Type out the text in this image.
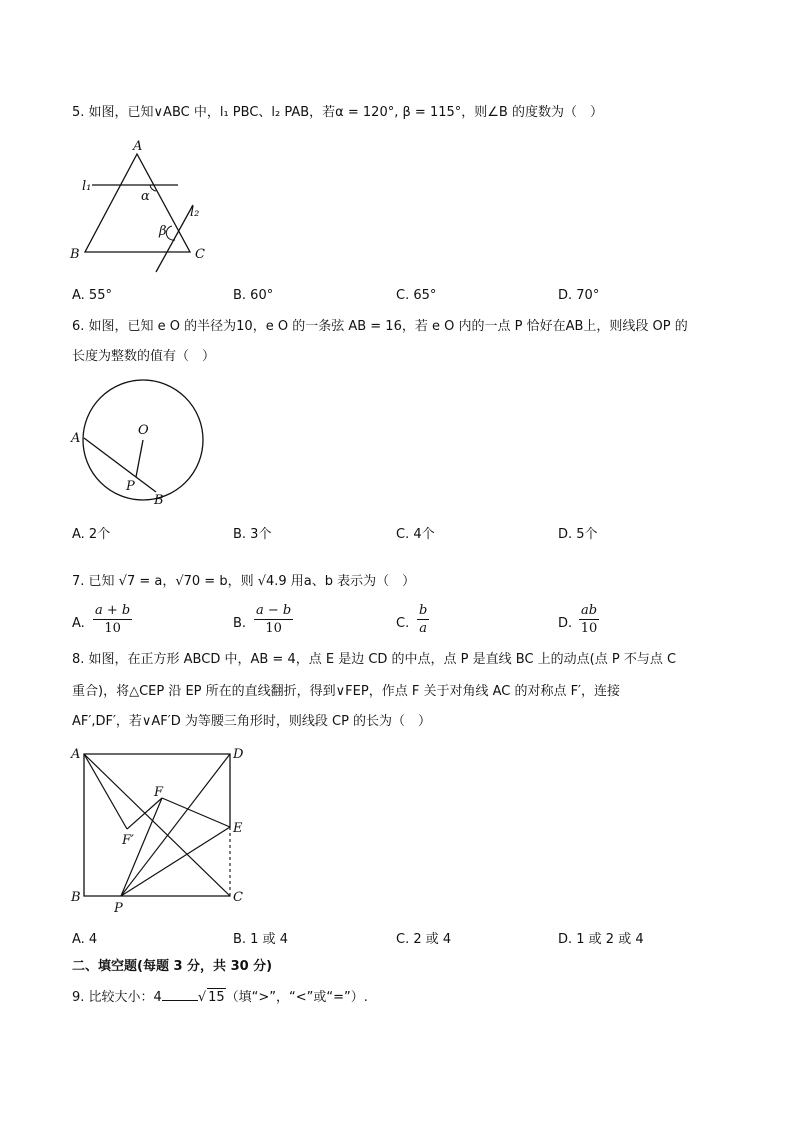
5. 如图，已知∨ABC 中，l₁ PBC、l₂ PAB，若α = 120°, β = 115°，则∠B 的度数为（　）
A
B	C
l₁
l₂
α
β
A. 55°	B. 60°	C. 65°	D. 70°
6. 如图，已知 e O 的半径为10，e O 的一条弦 AB = 16，若 e O 内的一点 P 恰好在AB上，则线段 OP 的
长度为整数的值有（　）
O
A
P
B
A. 2个	B. 3个	C. 4个	D. 5个
7. 已知 √7 = a，√70 = b，则 √4.9 用a、b 表示为（　）
A. $\frac{a + b}{10}$	B. $\frac{a - b}{10}$	C. $\frac{b}{a}$	D. $\frac{ab}{10}$
8. 如图，在正方形 ABCD 中，AB = 4，点 E 是边 CD 的中点，点 P 是直线 BC 上的动点(点 P 不与点 C
重合)，将△CEP 沿 EP 所在的直线翻折，得到∨FEP，作点 F 关于对角线 AC 的对称点 F′，连接
AF′,DF′，若∨AF′D 为等腰三角形时，则线段 CP 的长为（　）
A	D
F
F′
E
B
P
C
A. 4	B. 1 或 4	C. 2 或 4	D. 1 或 2 或 4
二、填空题(每题 3 分，共 30 分)
9. 比较大小：4	√ 15（填“>”，“<”或“=”）.
